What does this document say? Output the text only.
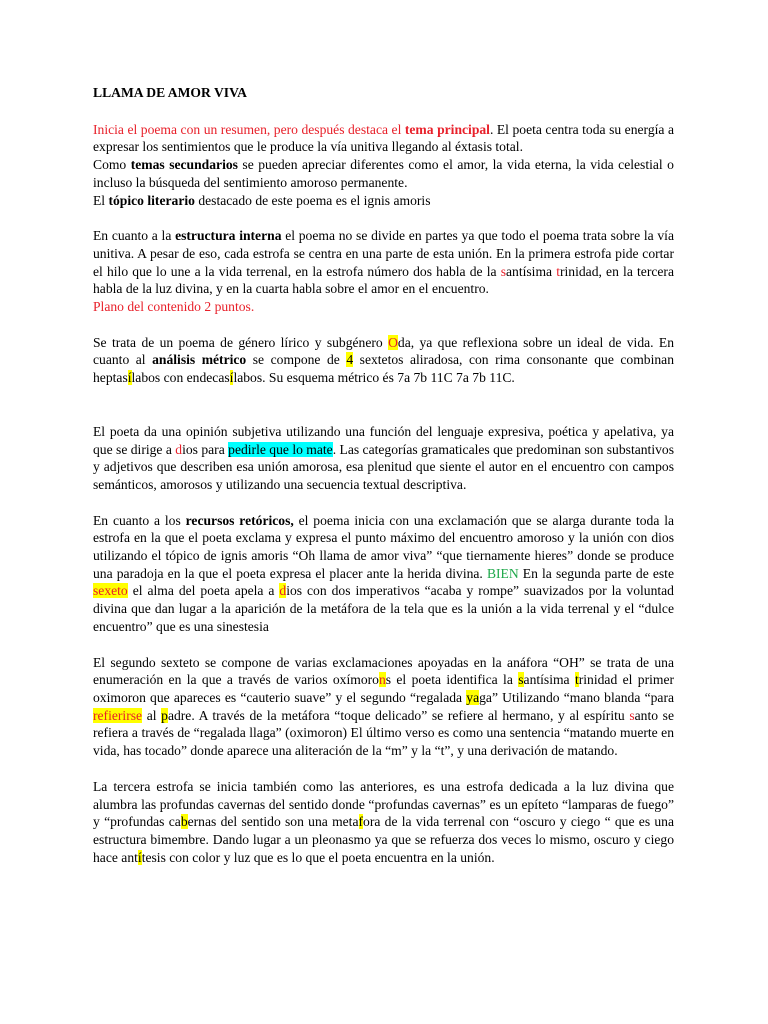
LLAMA DE AMOR VIVA

Inicia el poema con un resumen, pero después destaca el tema principal. El poeta centra toda su energía a expresar los sentimientos que le produce la vía unitiva llegando al éxtasis total.

Como temas secundarios se pueden apreciar diferentes como el amor, la vida eterna, la vida celestial o incluso la búsqueda del sentimiento amoroso permanente.

El tópico literario destacado de este poema es el ignis amoris

En cuanto a la estructura interna el poema no se divide en partes ya que todo el poema trata sobre la vía unitiva. A pesar de eso, cada estrofa se centra en una parte de esta unión. En la primera estrofa pide cortar el hilo que lo une a la vida terrenal, en la estrofa número dos habla de la santísima trinidad, en la tercera habla de la luz divina, y en la cuarta habla sobre el amor en el encuentro.

Plano del contenido 2 puntos.

Se trata de un poema de género lírico y subgénero Oda, ya que reflexiona sobre un ideal de vida. En cuanto al análisis métrico se compone de 4 sextetos aliradosa, con rima consonante que combinan heptasílabos con endecasílabos. Su esquema métrico és 7a 7b 11C 7a 7b 11C.

El poeta da una opinión subjetiva utilizando una función del lenguaje expresiva, poética y apelativa, ya que se dirige a dios para pedirle que lo mate. Las categorías gramaticales que predominan son substantivos y adjetivos que describen esa unión amorosa, esa plenitud que siente el autor en el encuentro con campos semánticos, amorosos y utilizando una secuencia textual descriptiva.

En cuanto a los recursos retóricos, el poema inicia con una exclamación que se alarga durante toda la estrofa en la que el poeta exclama y expresa el punto máximo del encuentro amoroso y la unión con dios utilizando el tópico de ignis amoris “Oh llama de amor viva” “que tiernamente hieres” donde se produce una paradoja en la que el poeta expresa el placer ante la herida divina. BIEN En la segunda parte de este sexeto el alma del poeta apela a dios con dos imperativos “acaba y rompe” suavizados por la voluntad divina que dan lugar a la aparición de la metáfora de la tela que es la unión a la vida terrenal y el “dulce encuentro” que es una sinestesia

El segundo sexteto se compone de varias exclamaciones apoyadas en la anáfora “OH” se trata de una enumeración en la que a través de varios oxímorons el poeta identifica la santísima trinidad el primer oximoron que apareces es “cauterio suave” y el segundo “regalada yaga” Utilizando “mano blanda “para refierirse al padre. A través de la metáfora “toque delicado” se refiere al hermano, y al espíritu santo se refiera a través de “regalada llaga” (oximoron) El último verso es como una sentencia “matando muerte en vida, has tocado” donde aparece una aliteración de la “m” y la “t”, y una derivación de matando.

La tercera estrofa se inicia también como las anteriores, es una estrofa dedicada a la luz divina que alumbra las profundas cavernas del sentido donde “profundas cavernas” es un epíteto “lamparas de fuego” y “profundas cabernas del sentido son una metafora de la vida terrenal con “oscuro y ciego “ que es una estructura bimembre. Dando lugar a un pleonasmo ya que se refuerza dos veces lo mismo, oscuro y ciego hace antítesis con color y luz que es lo que el poeta encuentra en la unión.
